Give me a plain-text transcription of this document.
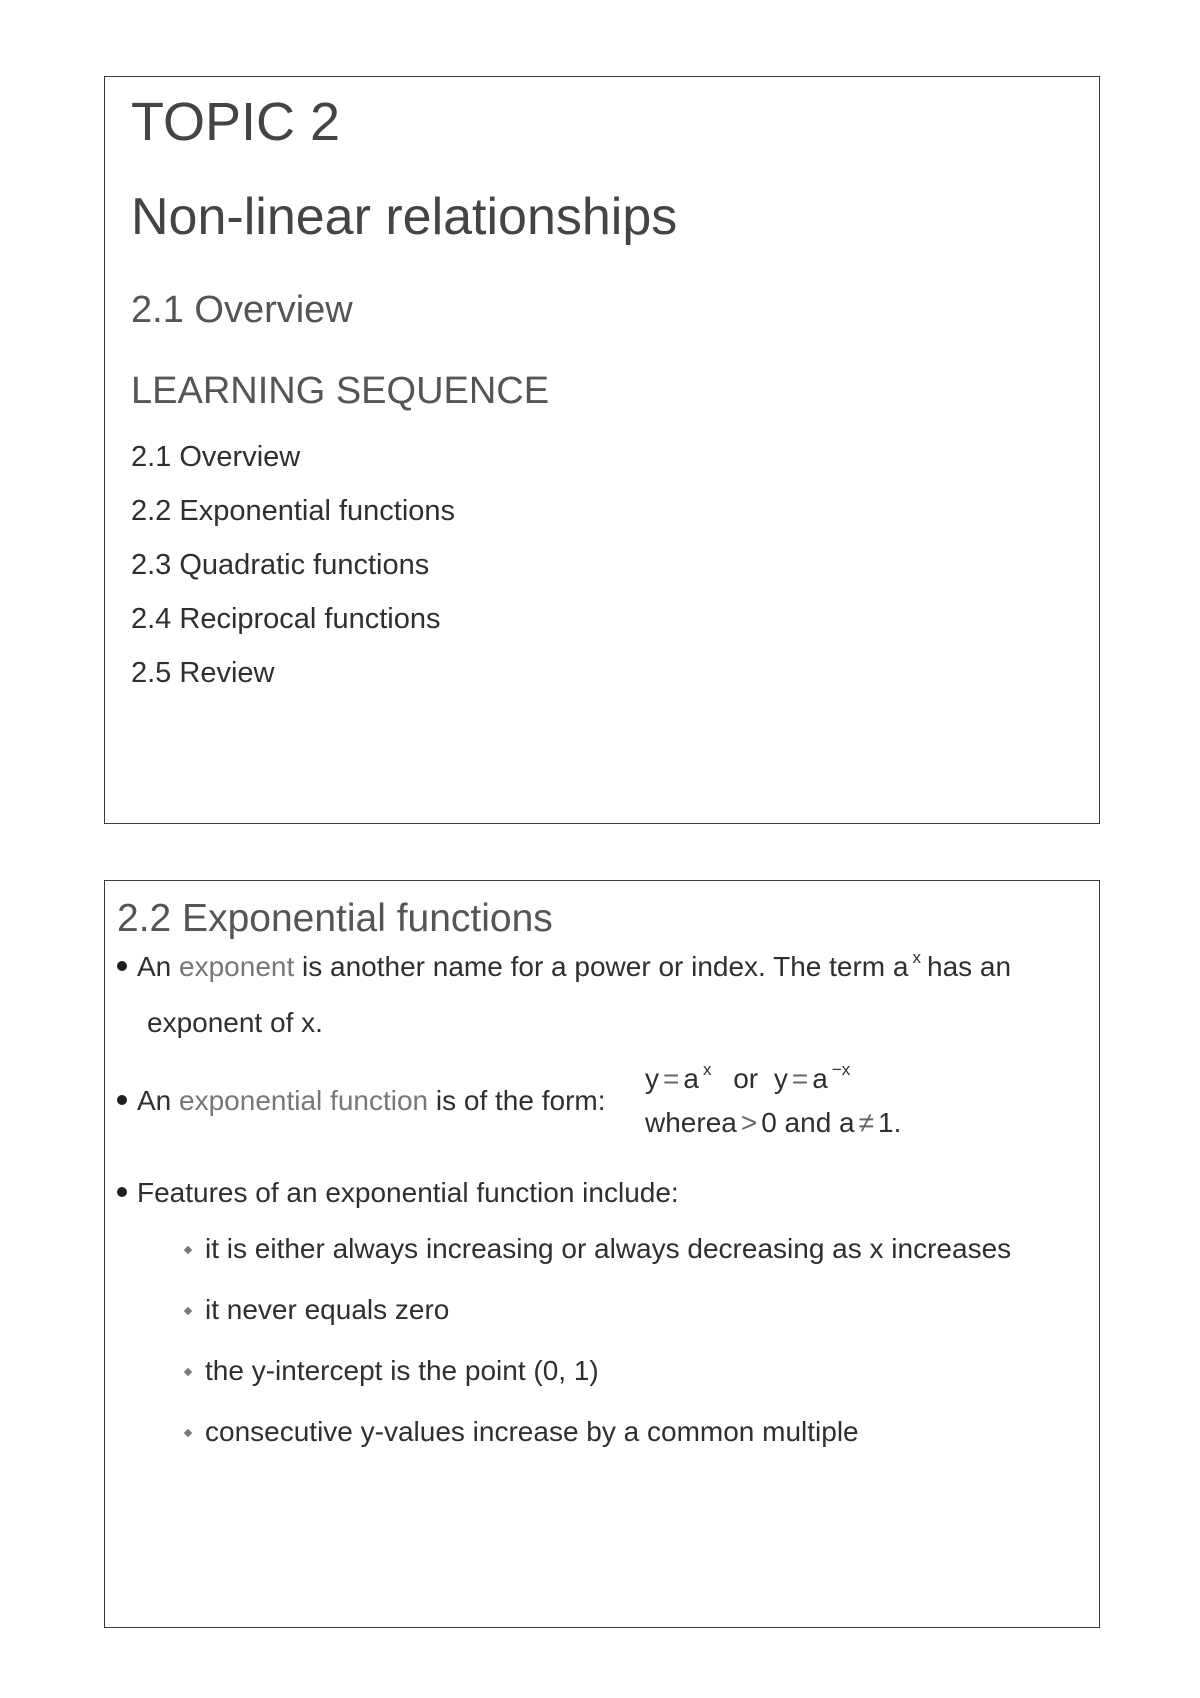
TOPIC 2
Non-linear relationships
2.1 Overview
LEARNING SEQUENCE
2.1 Overview
2.2 Exponential functions
2.3 Quadratic functions
2.4 Reciprocal functions
2.5 Review
2.2 Exponential functions
An exponent is another name for a power or index. The term a $^x$ has an
exponent of x.
An exponential function is of the form:
y = a $^x$ or y = a $^{-x}$
wherea > 0 and a ≠ 1.
Features of an exponential function include:
it is either always increasing or always decreasing as x increases
it never equals zero
the y-intercept is the point (0, 1)
consecutive y-values increase by a common multiple
